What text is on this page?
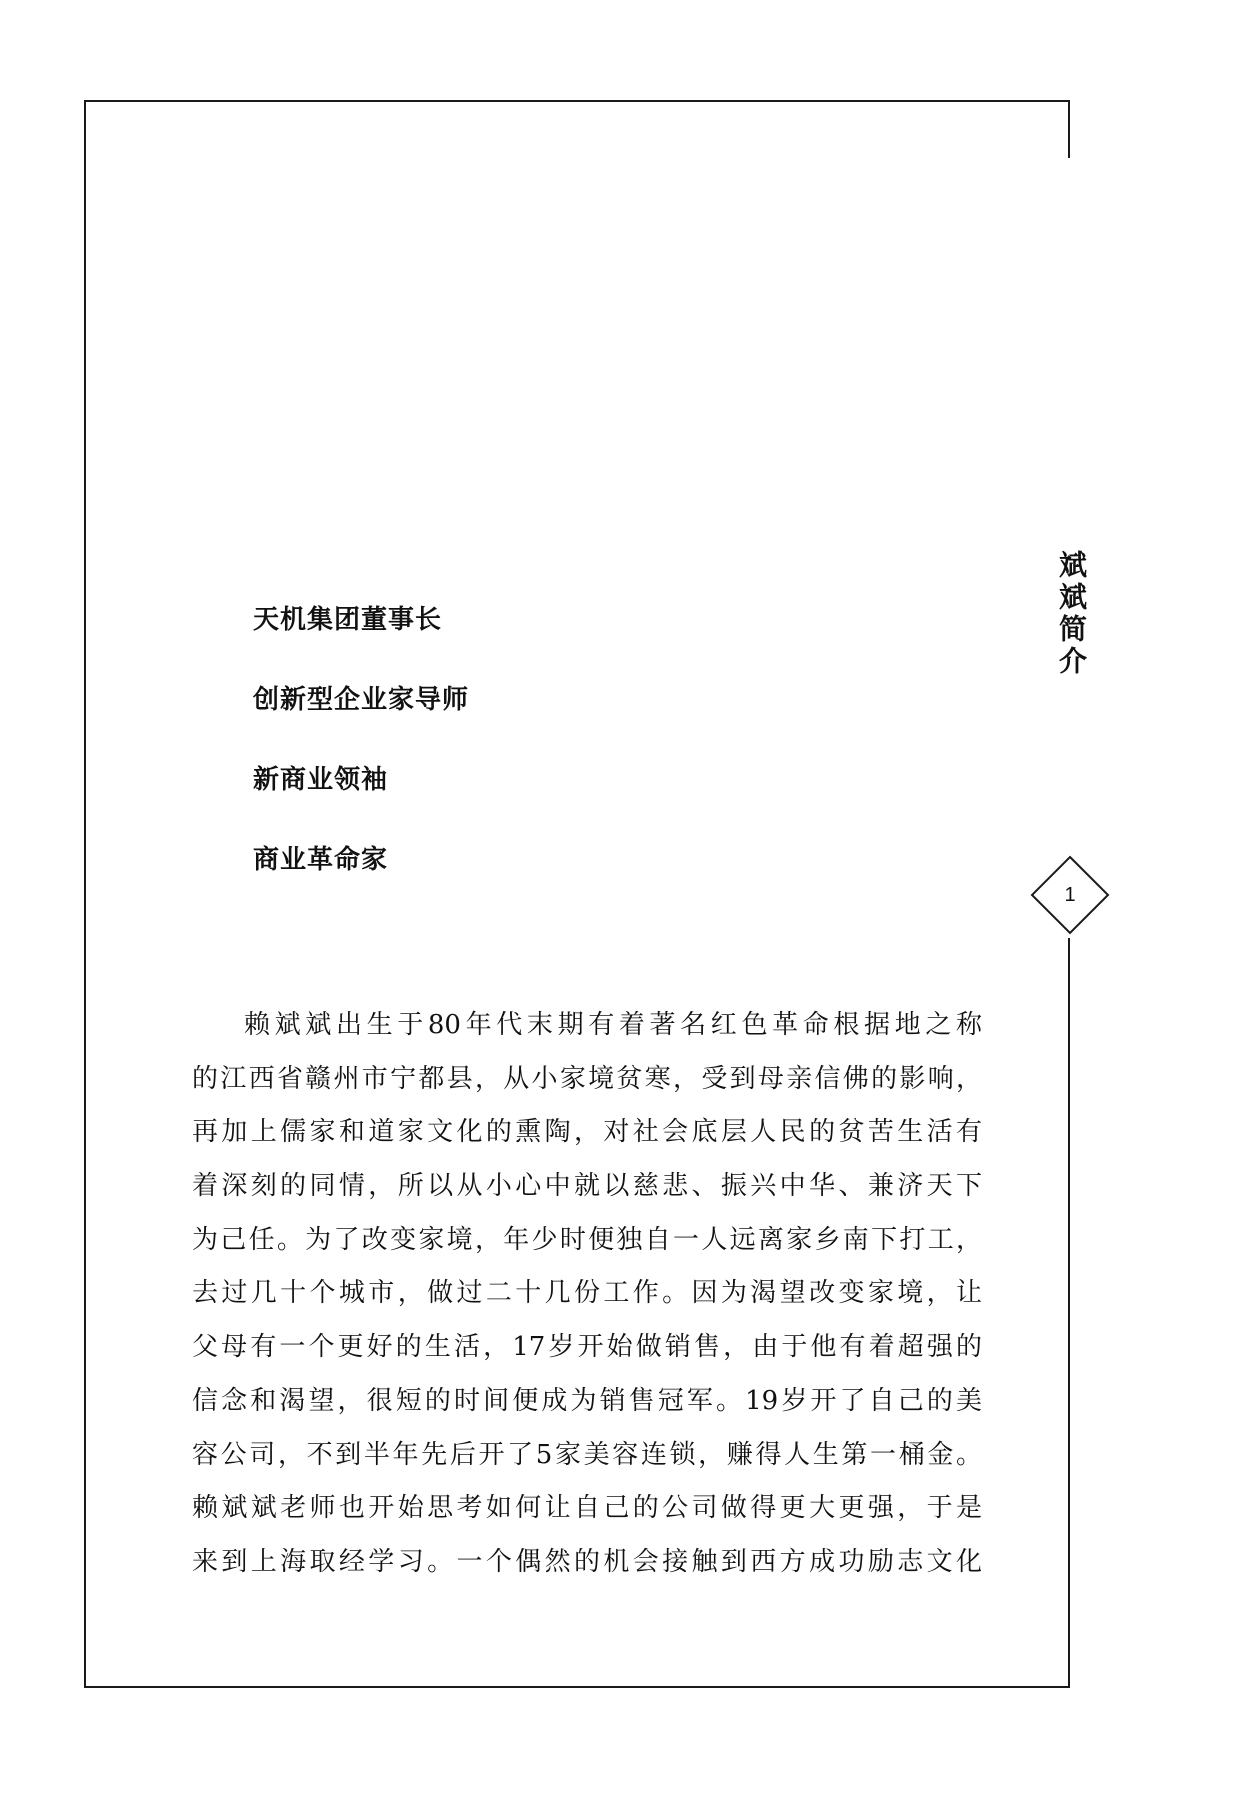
斌斌简介
1
天机集团董事长
创新型企业家导师
新商业领袖
商业革命家
赖斌斌出生于80年代末期有着著名红色革命根据地之称
的江西省赣州市宁都县，从小家境贫寒，受到母亲信佛的影响，
再加上儒家和道家文化的熏陶，对社会底层人民的贫苦生活有
着深刻的同情，所以从小心中就以慈悲、振兴中华、兼济天下
为己任。为了改变家境，年少时便独自一人远离家乡南下打工，
去过几十个城市，做过二十几份工作。因为渴望改变家境，让
父母有一个更好的生活，17岁开始做销售，由于他有着超强的
信念和渴望，很短的时间便成为销售冠军。19岁开了自己的美
容公司，不到半年先后开了5家美容连锁，赚得人生第一桶金。
赖斌斌老师也开始思考如何让自己的公司做得更大更强，于是
来到上海取经学习。一个偶然的机会接触到西方成功励志文化
